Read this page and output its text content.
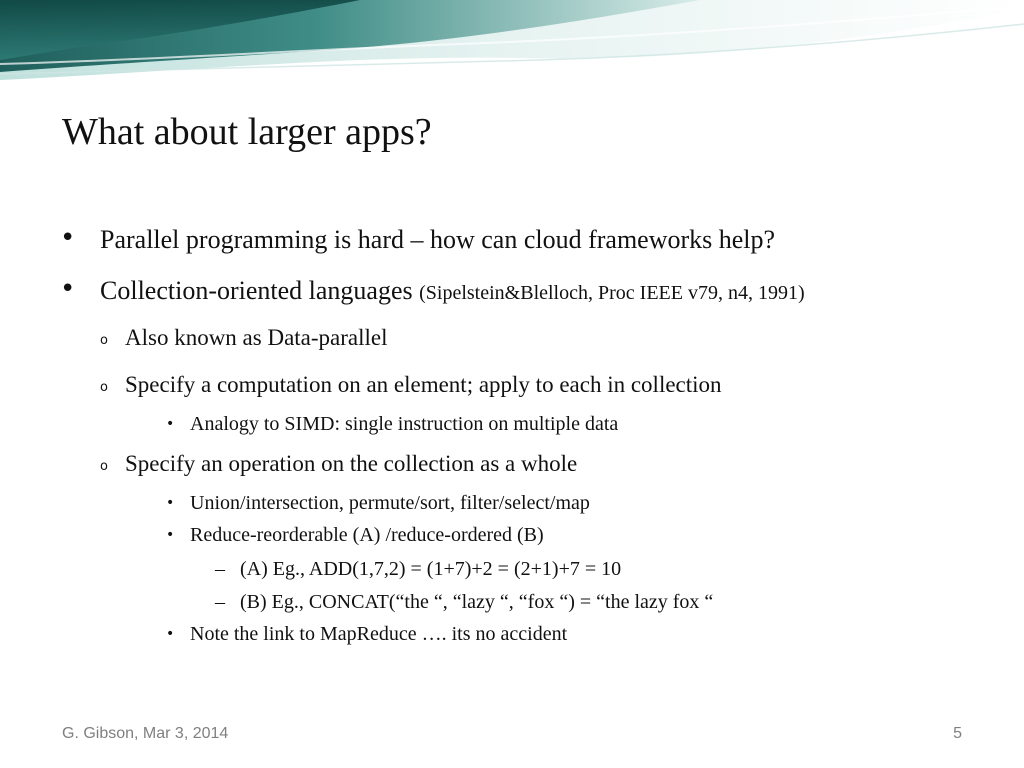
What about larger apps?
• Parallel programming is hard – how can cloud frameworks help?
• Collection-oriented languages (Sipelstein&Blelloch, Proc IEEE v79, n4, 1991)
o Also known as Data-parallel
o Specify a computation on an element; apply to each in collection
• Analogy to SIMD: single instruction on multiple data
o Specify an operation on the collection as a whole
• Union/intersection, permute/sort, filter/select/map
• Reduce-reorderable (A) /reduce-ordered (B)
– (A) Eg., ADD(1,7,2) = (1+7)+2 = (2+1)+7 = 10
– (B) Eg., CONCAT(“the “, “lazy “, “fox “) = “the lazy fox “
• Note the link to MapReduce …. its no accident
G. Gibson, Mar 3, 2014	5
